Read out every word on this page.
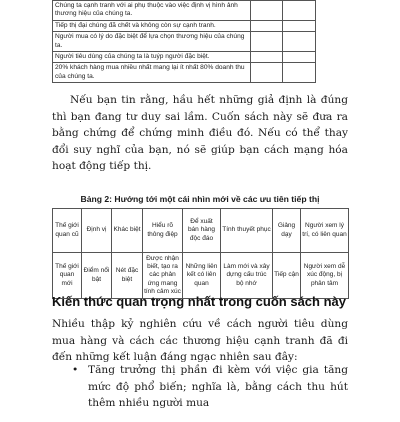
Chúng ta cạnh tranh với ai phụ thuộc vào việc định vị hình ảnh thương hiệu của chúng ta.		
Tiếp thị đại chúng đã chết và không còn sự cạnh tranh.		
Người mua có lý do đặc biệt để lựa chọn thương hiệu của chúng ta.		
Người tiêu dùng của chúng ta là tuýp người đặc biệt.		
20% khách hàng mua nhiều nhất mang lại ít nhất 80% doanh thu của chúng ta.		

Nếu bạn tin rằng, hầu hết những giả định là đúng thì bạn đang tư duy sai lầm. Cuốn sách này sẽ đưa ra bằng chứng để chứng minh điều đó. Nếu có thể thay đổi suy nghĩ của bạn, nó sẽ giúp bạn cách mạng hóa hoạt động tiếp thị.

Bảng 2: Hướng tới một cái nhìn mới về các ưu tiên tiếp thị
Thế giới quan cũ	Định vị	Khác biệt	Hiểu rõ thông điệp	Để xuất bán hàng độc đáo	Tính thuyết phục	Giảng dạy	Người xem lý trí, có liên quan
Thế giới quan mới	Điểm nổi bật	Nét đặc biệt	Được nhận biết, tạo ra các phản ứng mang tính cảm xúc	Những liên kết có liên quan	Làm mới và xây dựng cấu trúc bộ nhớ	Tiếp cận	Người xem dễ xúc động, bị phân tâm
Kiến thức quan trọng nhất trong cuốn sách này

Nhiều thập kỷ nghiên cứu về cách người tiêu dùng mua hàng và cách các thương hiệu cạnh tranh đã đi đến những kết luận đáng ngạc nhiên sau đây:

• Tăng trưởng thị phần đi kèm với việc gia tăng mức độ phổ biến; nghĩa là, bằng cách thu hút thêm nhiều người mua
